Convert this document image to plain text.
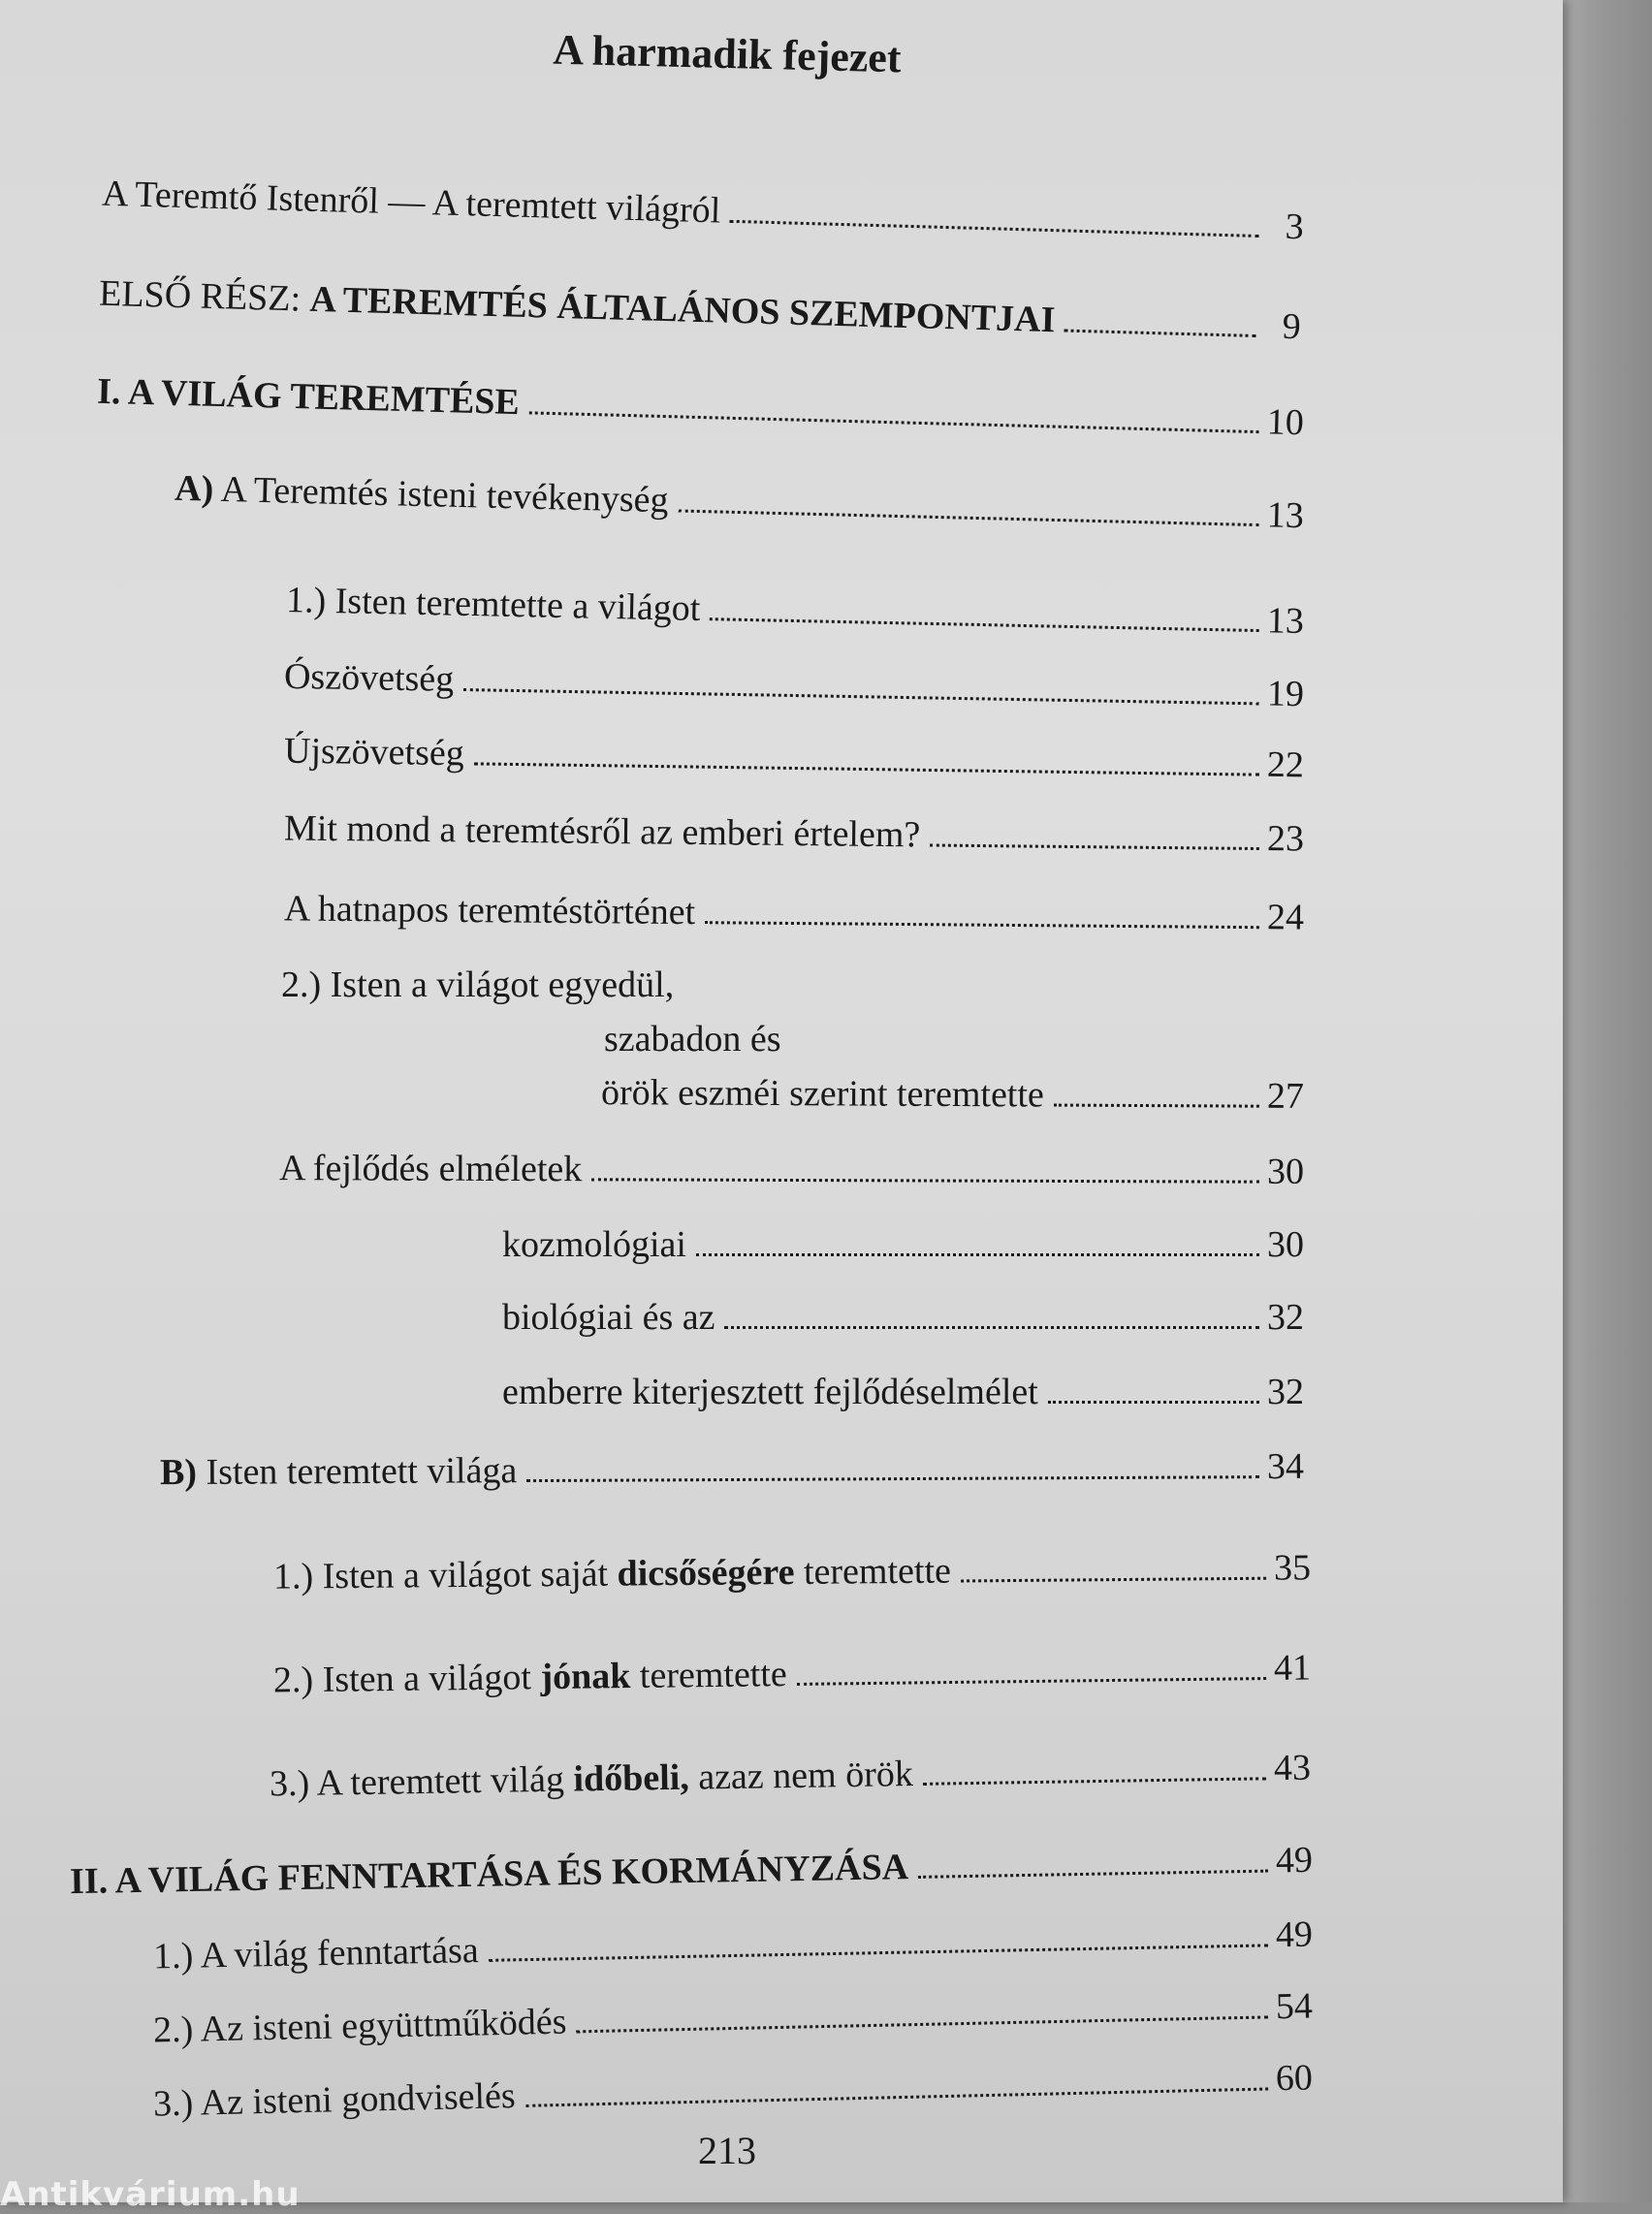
A harmadik fejezet
A Teremtő Istenről — A teremtett világról	3
ELSŐ RÉSZ: A TEREMTÉS ÁLTALÁNOS SZEMPONTJAI	9
I. A VILÁG TEREMTÉSE	10
A) A Teremtés isteni tevékenység	13
1.) Isten teremtette a világot	13
Ószövetség	19
Újszövetség	22
Mit mond a teremtésről az emberi értelem?	23
A hatnapos teremtéstörténet	24
2.) Isten a világot egyedül,
szabadon és
örök eszméi szerint teremtette	27
A fejlődés elméletek	30
kozmológiai	30
biológiai és az	32
emberre kiterjesztett fejlődéselmélet	32
B) Isten teremtett világa	34
1.) Isten a világot saját dicsőségére teremtette	35
2.) Isten a világot jónak teremtette	41
3.) A teremtett világ időbeli, azaz nem örök	43
II. A VILÁG FENNTARTÁSA ÉS KORMÁNYZÁSA	49
1.) A világ fenntartása	49
2.) Az isteni együttműködés	54
3.) Az isteni gondviselés	60
213
Antikvárium.hu
